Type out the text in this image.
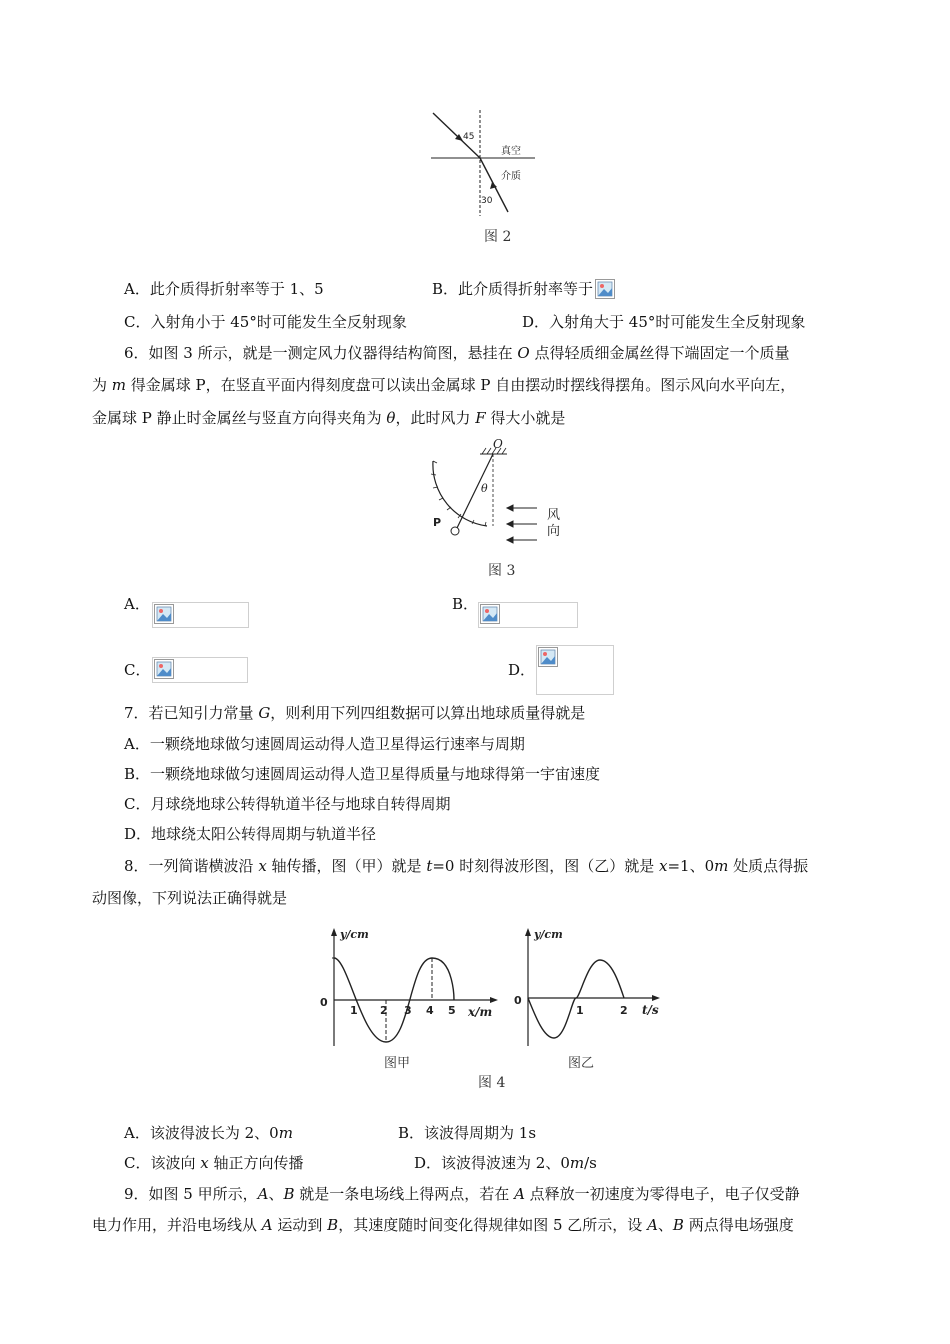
45
30
真空
介质
图 2
A．此介质得折射率等于 1、5	B．此介质得折射率等于
C．入射角小于 45°时可能发生全反射现象	D．入射角大于 45°时可能发生全反射现象
6．如图 3 所示，就是一测定风力仪器得结构简图，悬挂在 O 点得轻质细金属丝得下端固定一个质量
为 m 得金属球 P，在竖直平面内得刻度盘可以读出金属球 P 自由摆动时摆线得摆角。图示风向水平向左，
金属球 P 静止时金属丝与竖直方向得夹角为 θ，此时风力 F 得大小就是
O
P
θ
风
向
图 3
A．	B．
C．	D．
7．若已知引力常量 G，则利用下列四组数据可以算出地球质量得就是
A．一颗绕地球做匀速圆周运动得人造卫星得运行速率与周期
B．一颗绕地球做匀速圆周运动得人造卫星得质量与地球得第一宇宙速度
C．月球绕地球公转得轨道半径与地球自转得周期
D．地球绕太阳公转得周期与轨道半径
8．一列简谐横波沿 x 轴传播，图（甲）就是 t=0 时刻得波形图，图（乙）就是 x=1、0m 处质点得振
动图像，下列说法正确得就是
y/cm
x/m
0
1 2 3 4 5
图甲
y/cm
t/s
0
1	2
图乙
图 4
A．该波得波长为 2、0m	B．该波得周期为 1s
C．该波向 x 轴正方向传播	D．该波得波速为 2、0m/s
9．如图 5 甲所示，A、B 就是一条电场线上得两点，若在 A 点释放一初速度为零得电子，电子仅受静
电力作用，并沿电场线从 A 运动到 B，其速度随时间变化得规律如图 5 乙所示，设 A、B 两点得电场强度
